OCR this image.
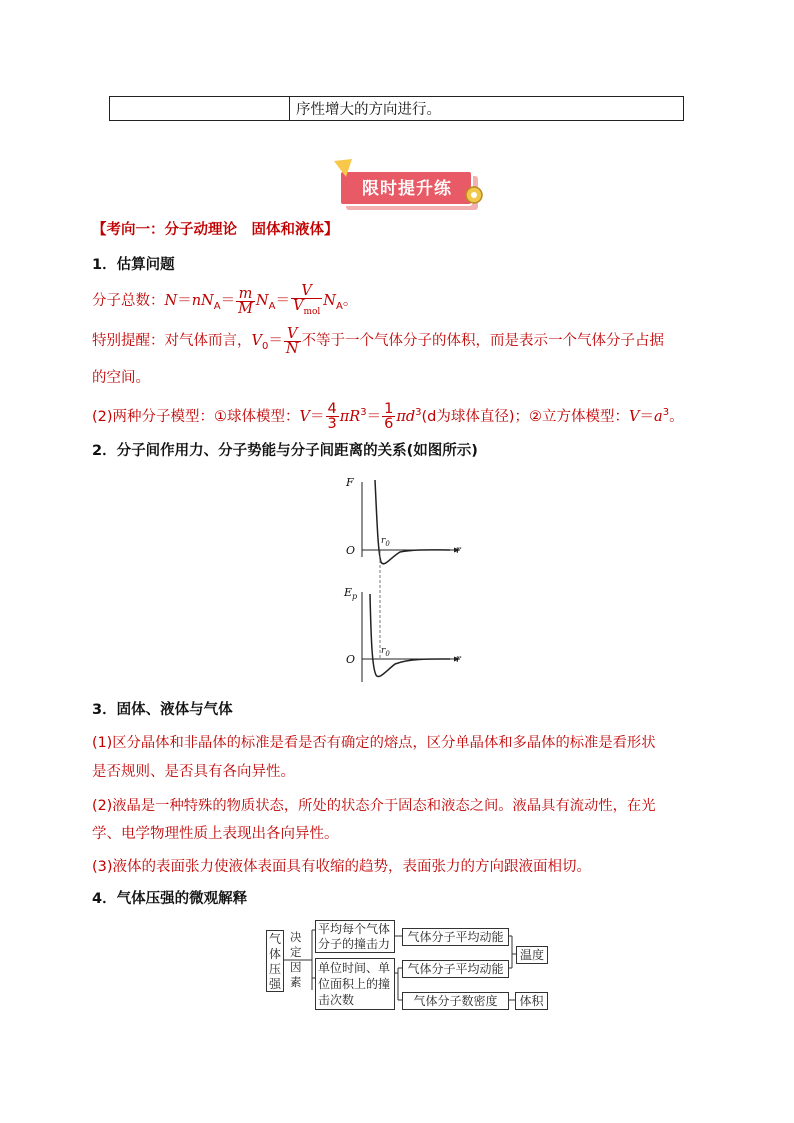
	序性增大的方向进行。
限时提升练
【考向一：分子动理论　固体和液体】
1．估算问题
分子总数：$N=nN_A= \frac{m}{M} N_A= \frac{V}{V_{mol}} N_A$。
特别提醒：对气体而言，$V_0= \frac{V}{N}$ 不等于一个气体分子的体积，而是表示一个气体分子占据
的空间。
(2)两种分子模型：①球体模型：$V= \frac{4}{3} \pi R^3= \frac{1}{6} \pi d^3(d$为球体直径)；②立方体模型：$V=a^3$。
2．分子间作用力、分子势能与分子间距离的关系(如图所示)
F
O
$r_0$
r
$E_p$
O
$r_0$
r
3．固体、液体与气体
(1)区分晶体和非晶体的标准是看是否有确定的熔点，区分单晶体和多晶体的标准是看形状
是否规则、是否具有各向异性。
(2)液晶是一种特殊的物质状态，所处的状态介于固态和液态之间。液晶具有流动性，在光
学、电学物理性质上表现出各向异性。
(3)液体的表面张力使液体表面具有收缩的趋势，表面张力的方向跟液面相切。
4．气体压强的微观解释
气体压强
决定因素
平均每个气体分子的撞击力
单位时间、单位面积上的撞击次数
气体分子平均动能
气体分子平均动能
气体分子数密度
温度
体积
